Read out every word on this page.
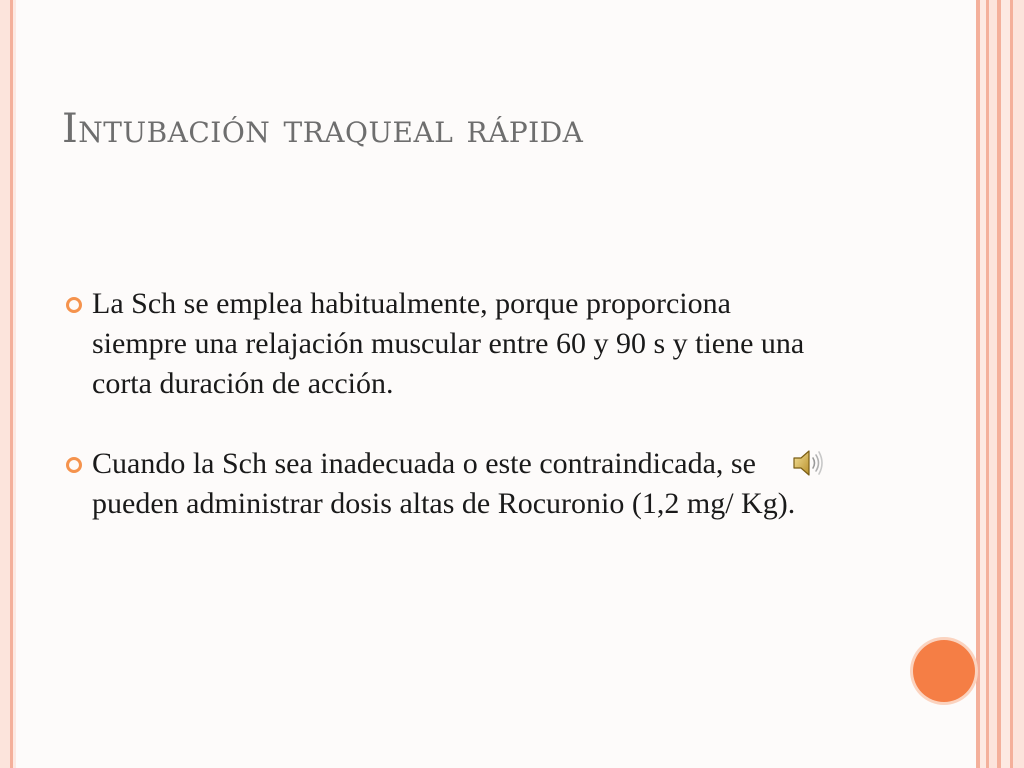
Intubación traqueal rápida
La Sch se emplea habitualmente, porque proporciona siempre una relajación muscular entre 60 y 90 s y tiene una corta duración de acción.
Cuando la Sch sea inadecuada o este contraindicada, se pueden administrar dosis altas de Rocuronio (1,2 mg/ Kg).
